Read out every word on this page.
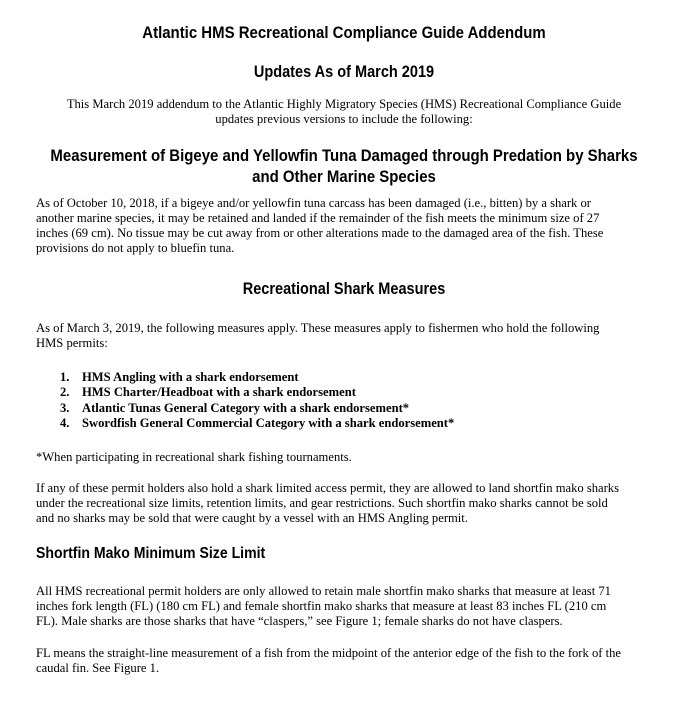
Atlantic HMS Recreational Compliance Guide Addendum
Updates As of March 2019
This March 2019 addendum to the Atlantic Highly Migratory Species (HMS) Recreational Compliance Guide
updates previous versions to include the following:
Measurement of Bigeye and Yellowfin Tuna Damaged through Predation by Sharks
and Other Marine Species
As of October 10, 2018, if a bigeye and/or yellowfin tuna carcass has been damaged (i.e., bitten) by a shark or
another marine species, it may be retained and landed if the remainder of the fish meets the minimum size of 27
inches (69 cm). No tissue may be cut away from or other alterations made to the damaged area of the fish. These
provisions do not apply to bluefin tuna.
Recreational Shark Measures
As of March 3, 2019, the following measures apply. These measures apply to fishermen who hold the following
HMS permits:
1. HMS Angling with a shark endorsement
2. HMS Charter/Headboat with a shark endorsement
3. Atlantic Tunas General Category with a shark endorsement*
4. Swordfish General Commercial Category with a shark endorsement*
*When participating in recreational shark fishing tournaments.
If any of these permit holders also hold a shark limited access permit, they are allowed to land shortfin mako sharks
under the recreational size limits, retention limits, and gear restrictions. Such shortfin mako sharks cannot be sold
and no sharks may be sold that were caught by a vessel with an HMS Angling permit.
Shortfin Mako Minimum Size Limit
All HMS recreational permit holders are only allowed to retain male shortfin mako sharks that measure at least 71
inches fork length (FL) (180 cm FL) and female shortfin mako sharks that measure at least 83 inches FL (210 cm
FL). Male sharks are those sharks that have “claspers,” see Figure 1; female sharks do not have claspers.
FL means the straight-line measurement of a fish from the midpoint of the anterior edge of the fish to the fork of the
caudal fin. See Figure 1.
